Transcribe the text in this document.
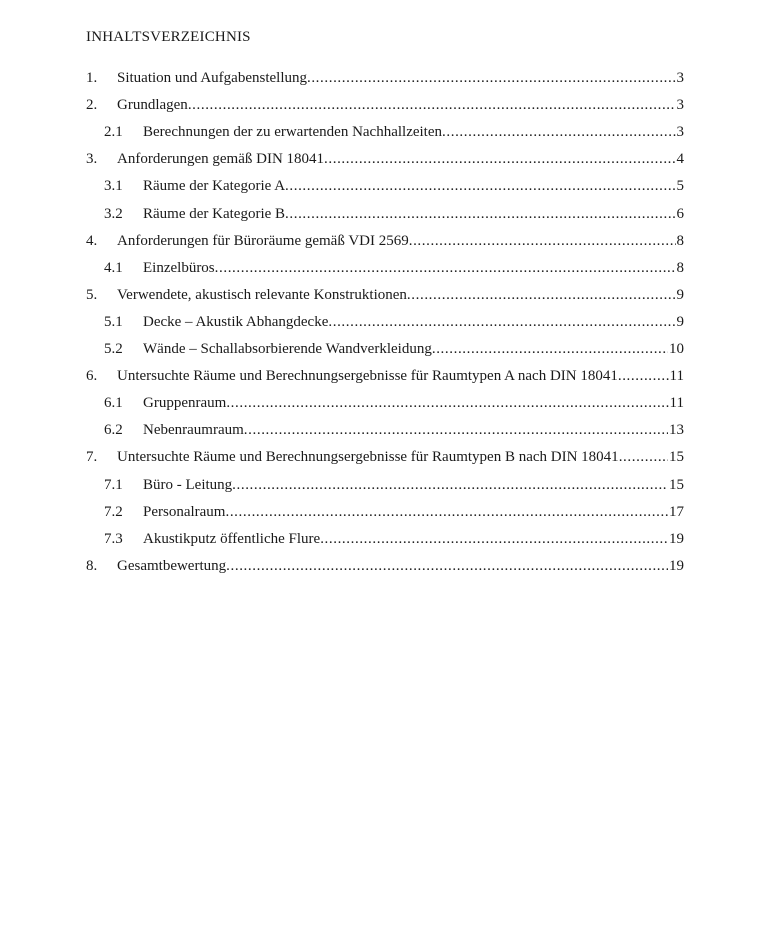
INHALTSVERZEICHNIS
1. Situation und Aufgabenstellung .....	3
2. Grundlagen .....	3
2.1 Berechnungen der zu erwartenden Nachhallzeiten .....	3
3. Anforderungen gemäß DIN 18041 .....	4
3.1 Räume der Kategorie A .....	5
3.2 Räume der Kategorie B .....	6
4. Anforderungen für Büroräume gemäß VDI 2569 .....	8
4.1 Einzelbüros .....	8
5. Verwendete, akustisch relevante Konstruktionen .....	9
5.1 Decke – Akustik Abhangdecke .....	9
5.2 Wände – Schallabsorbierende Wandverkleidung .....	10
6. Untersuchte Räume und Berechnungsergebnisse für Raumtypen A nach DIN 18041 .....	11
6.1 Gruppenraum .....	11
6.2 Nebenraumraum .....	13
7. Untersuchte Räume und Berechnungsergebnisse für Raumtypen B nach DIN 18041 .....	15
7.1 Büro - Leitung .....	15
7.2 Personalraum .....	17
7.3 Akustikputz öffentliche Flure .....	19
8. Gesamtbewertung .....	19
